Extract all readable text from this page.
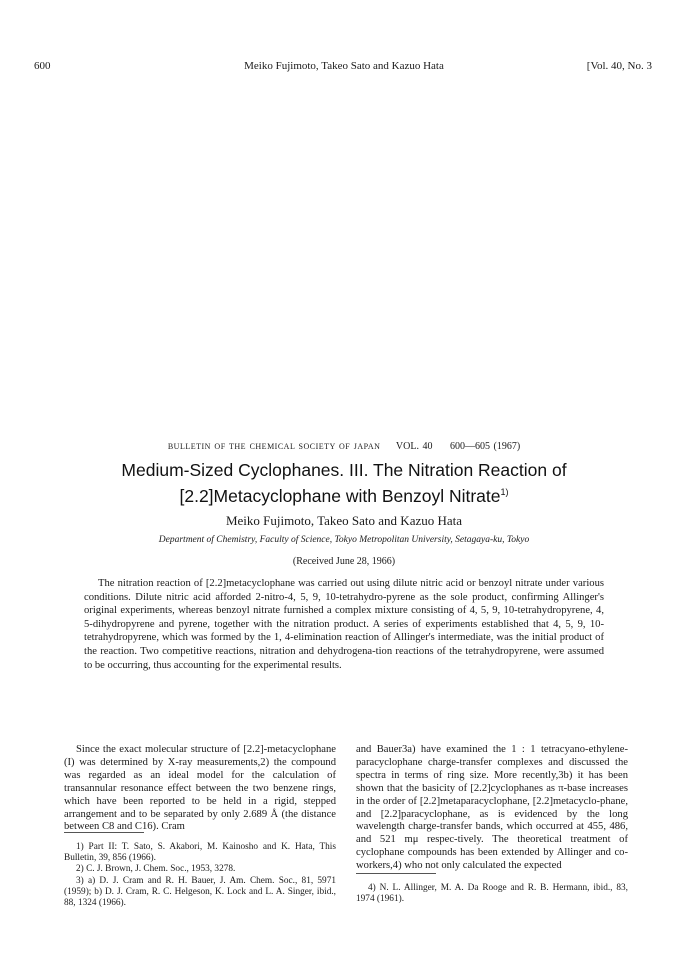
600	Meiko Fujimoto, Takeo Sato and Kazuo Hata	[Vol. 40, No. 3
BULLETIN OF THE CHEMICAL SOCIETY OF JAPAN VOL. 40 600—605 (1967)
Medium-Sized Cyclophanes. III. The Nitration Reaction of
[2.2]Metacyclophane with Benzoyl Nitrate$^{1)}$
Meiko Fujimoto, Takeo Sato and Kazuo Hata
Department of Chemistry, Faculty of Science, Tokyo Metropolitan University, Setagaya-ku, Tokyo
(Received June 28, 1966)

The nitration reaction of [2.2]metacyclophane was carried out using dilute nitric acid or benzoyl nitrate under various conditions. Dilute nitric acid afforded 2-nitro-4, 5, 9, 10-tetrahydro-pyrene as the sole product, confirming Allinger's original experiments, whereas benzoyl nitrate furnished a complex mixture consisting of 4, 5, 9, 10-tetrahydropyrene, 4, 5-dihydropyrene and pyrene, together with the nitration product. A series of experiments established that 4, 5, 9, 10-tetrahydropyrene, which was formed by the 1, 4-elimination reaction of Allinger's intermediate, was the initial product of the reaction. Two competitive reactions, nitration and dehydrogena-tion reactions of the tetrahydropyrene, were assumed to be occurring, thus accounting for the experimental results.

Since the exact molecular structure of [2.2]-metacyclophane (I) was determined by X-ray measurements,2) the compound was regarded as an ideal model for the calculation of transannular resonance effect between the two benzene rings, which have been reported to be held in a rigid, stepped arrangement and to be separated by only 2.689 Å (the distance between C8 and C16). Cram

and Bauer3a) have examined the 1 : 1 tetracyano-ethylene-paracyclophane charge-transfer complexes and discussed the spectra in terms of ring size. More recently,3b) it has been shown that the basicity of [2.2]cyclophanes as π-base increases in the order of [2.2]metaparacyclophane, [2.2]metacyclo-phane, and [2.2]paracyclophane, as is evidenced by the long wavelength charge-transfer bands, which occurred at 455, 486, and 521 mμ respec-tively. The theoretical treatment of cyclophane compounds has been extended by Allinger and co-workers,4) who not only calculated the expected

1) Part II: T. Sato, S. Akabori, M. Kainosho and K. Hata, This Bulletin, 39, 856 (1966).
2) C. J. Brown, J. Chem. Soc., 1953, 3278.
3) a) D. J. Cram and R. H. Bauer, J. Am. Chem. Soc., 81, 5971 (1959); b) D. J. Cram, R. C. Helgeson, K. Lock and L. A. Singer, ibid., 88, 1324 (1966).
4) N. L. Allinger, M. A. Da Rooge and R. B. Hermann, ibid., 83, 1974 (1961).
